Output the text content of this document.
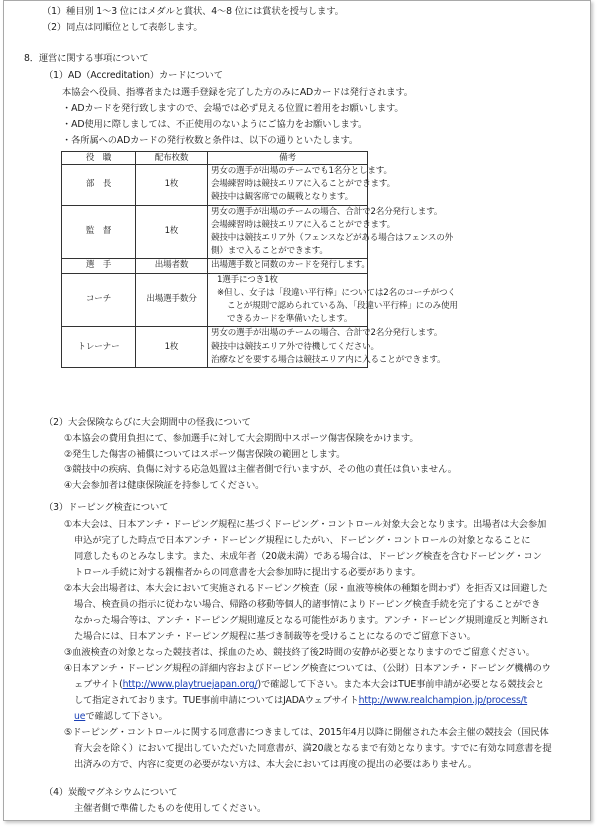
（1）種目別 1～3 位にはメダルと賞状、4～8 位には賞状を授与します。
（2）同点は同順位として表彰します。
8．運営に関する事項について
（1）AD（Accreditation）カードについて
本協会へ役員、指導者または選手登録を完了した方のみにADカードは発行されます。
・ADカードを発行致しますので、会場では必ず見える位置に着用をお願いします。
・AD使用に際しましては、不正使用のないようにご協力をお願いします。
・各所属へのADカードの発行枚数と条件は、以下の通りといたします。
役　職	配布枚数	備考
部　長	1枚	男女の選手が出場のチームでも1名分とします。
会場練習時は競技エリアに入ることができます。
競技中は観客席での観戦となります。

監　督	1枚	男女の選手が出場のチームの場合、合計で2名分発行します。
会場練習時は競技エリアに入ることができます。
競技中は競技エリア外（フェンスなどがある場合はフェンスの外
側）まで入ることができます。

選　手	出場者数	出場選手数と同数のカードを発行します。

コーチ	出場選手数分	1選手につき1枚
※但し、女子は「段違い平行棒」については2名のコーチがつく
ことが規則で認められている為、「段違い平行棒」にのみ使用
できるカードを準備いたします。

トレーナー	1枚	男女の選手が出場のチームの場合、合計で2名分発行します。
競技中は競技エリア外で待機してください。
治療などを要する場合は競技エリア内に入ることができます。
（2）大会保険ならびに大会期間中の怪我について
①本協会の費用負担にて、参加選手に対して大会期間中スポーツ傷害保険をかけます。
②発生した傷害の補償についてはスポーツ傷害保険の範囲とします。
③競技中の疾病、負傷に対する応急処置は主催者側で行いますが、その他の責任は負いません。
④大会参加者は健康保険証を持参してください。
（3）ドーピング検査について
①本大会は、日本アンチ・ドーピング規程に基づくドーピング・コントロール対象大会となります。出場者は大会参加
申込が完了した時点で日本アンチ・ドーピング規程にしたがい、ドーピング・コントロールの対象となることに
同意したものとみなします。また、未成年者（20歳未満）である場合は、ドーピング検査を含むドーピング・コン
トロール手続に対する親権者からの同意書を大会参加時に提出する必要があります。
②本大会出場者は、本大会において実施されるドーピング検査（尿・血液等検体の種類を問わず）を拒否又は回避した
場合、検査員の指示に従わない場合、帰路の移動等個人的諸事情によりドーピング検査手続を完了することができ
なかった場合等は、アンチ・ドーピング規則違反となる可能性があります。アンチ・ドーピング規則違反と判断され
た場合には、日本アンチ・ドーピング規程に基づき制裁等を受けることになるのでご留意下さい。
③血液検査の対象となった競技者は、採血のため、競技終了後2時間の安静が必要となりますのでご留意ください。
④日本アンチ・ドーピング規程の詳細内容およびドーピング検査については、（公財）日本アンチ・ドーピング機構のウ
ェブサイト(http://www.playtruejapan.org/)で確認して下さい。また本大会はTUE事前申請が必要となる競技会と
して指定されております。TUE事前申請についてはJADAウェブサイトhttp://www.realchampion.jp/process/t
ueで確認して下さい。
⑤ドーピング・コントロールに関する同意書につきましては、2015年4月以降に開催された本会主催の競技会（国民体
育大会を除く）において提出していただいた同意書が、満20歳となるまで有効となります。すでに有効な同意書を提
出済みの方で、内容に変更の必要がない方は、本大会においては再度の提出の必要はありません。
（4）炭酸マグネシウムについて
主催者側で準備したものを使用してください。
